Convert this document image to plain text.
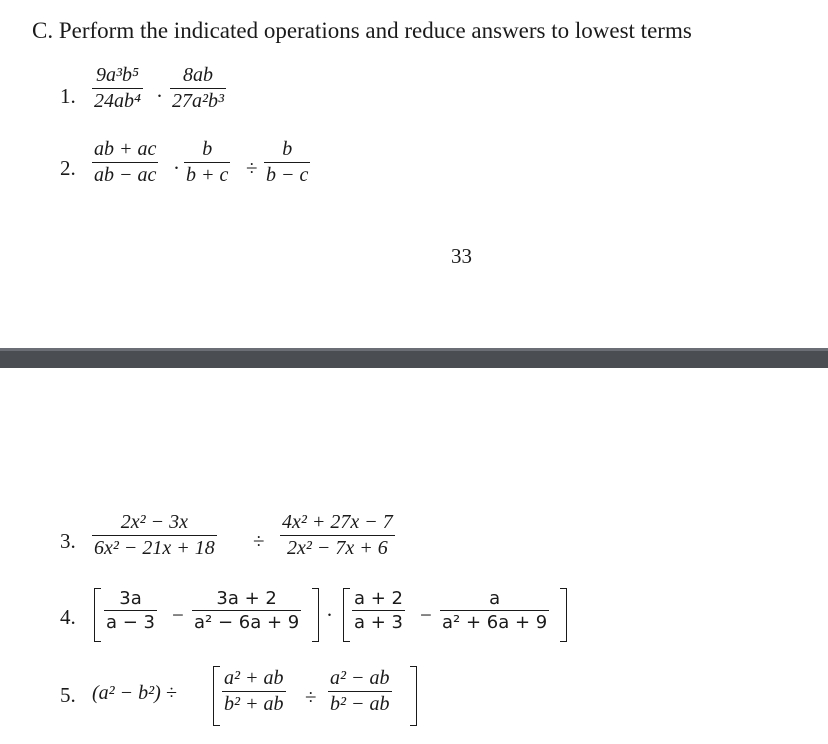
C. Perform the indicated operations and reduce answers to lowest terms
1.
9a³b⁵
24ab⁴ ·
8ab
27a²b³
2.
ab + ac
ab − ac ·
b
b + c ÷
b
b − c
33
3.
2x² − 3x
6x² − 21x + 18 ÷
4x² + 27x − 7
2x² − 7x + 6
4.
3a
a − 3 −
3a + 2
a² − 6a + 9 ·
a + 2
a + 3 −
a
a² + 6a + 9
5. (a² − b²) ÷
a² + ab
b² + ab ÷
a² − ab
b² − ab
